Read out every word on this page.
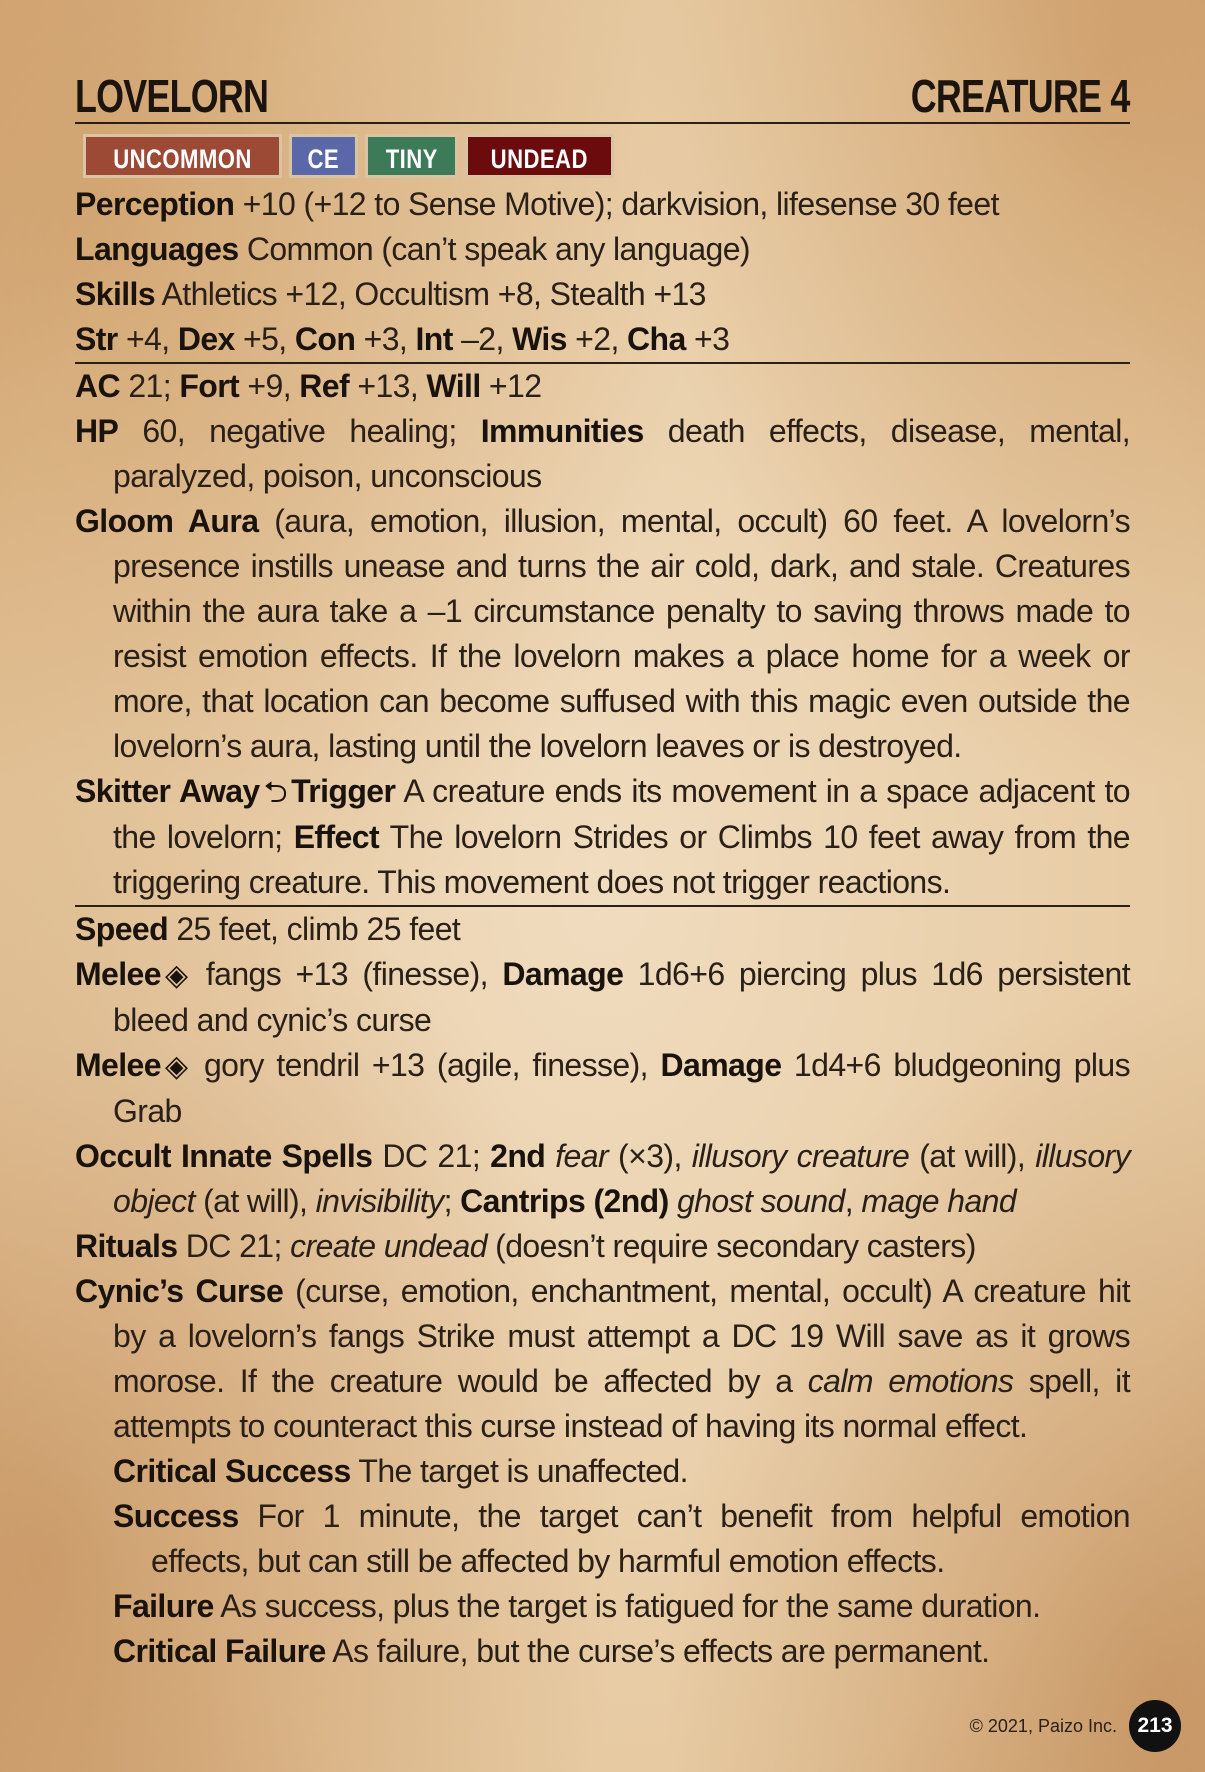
LOVELORN	CREATURE 4
UNCOMMON	CE	TINY	UNDEAD

Perception +10 (+12 to Sense Motive); darkvision, lifesense 30 feet

Languages Common (can’t speak any language)

Skills Athletics +12, Occultism +8, Stealth +13

Str +4, Dex +5, Con +3, Int –2, Wis +2, Cha +3

AC 21; Fort +9, Ref +13, Will +12

HP 60, negative healing; Immunities death effects, disease, mental, paralyzed, poison, unconscious

Gloom Aura (aura, emotion, illusion, mental, occult) 60 feet. A lovelorn’s presence instills unease and turns the air cold, dark, and stale. Creatures within the aura take a –1 circumstance penalty to saving throws made to resist emotion effects. If the lovelorn makes a place home for a week or more, that location can become suffused with this magic even outside the lovelorn’s aura, lasting until the lovelorn leaves or is destroyed.

Skitter Away ⮌ Trigger A creature ends its movement in a space adjacent to the lovelorn; Effect The lovelorn Strides or Climbs 10 feet away from the triggering creature. This movement does not trigger reactions.

Speed 25 feet, climb 25 feet

Melee ◈ fangs +13 (finesse), Damage 1d6+6 piercing plus 1d6 persistent bleed and cynic’s curse

Melee ◈ gory tendril +13 (agile, finesse), Damage 1d4+6 bludgeoning plus Grab

Occult Innate Spells DC 21; 2nd fear (×3), illusory creature (at will), illusory object (at will), invisibility; Cantrips (2nd) ghost sound, mage hand

Rituals DC 21; create undead (doesn’t require secondary casters)

Cynic’s Curse (curse, emotion, enchantment, mental, occult) A creature hit by a lovelorn’s fangs Strike must attempt a DC 19 Will save as it grows morose. If the creature would be affected by a calm emotions spell, it attempts to counteract this curse instead of having its normal effect.

Critical Success The target is unaffected.

Success For 1 minute, the target can’t benefit from helpful emotion effects, but can still be affected by harmful emotion effects.

Failure As success, plus the target is fatigued for the same duration.

Critical Failure As failure, but the curse’s effects are permanent.

© 2021, Paizo Inc. 213
